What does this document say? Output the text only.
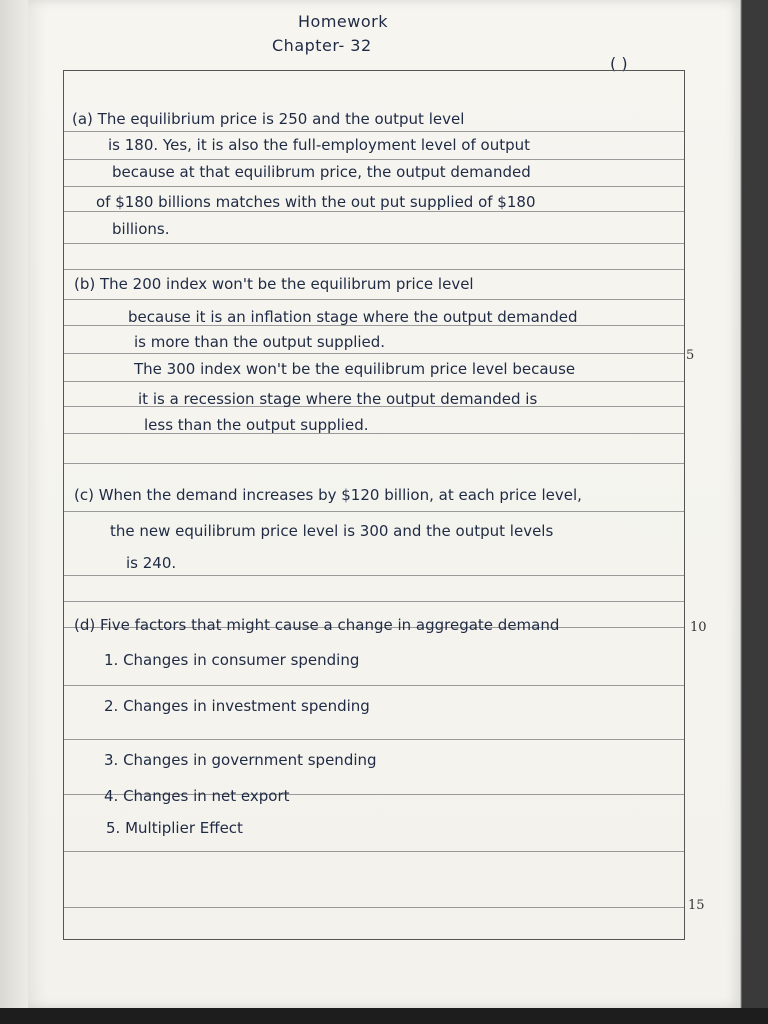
Homework
Chapter- 32
( )
5
10
15
(a) The equilibrium price is 250 and the output level
is 180. Yes, it is also the full-employment level of output
because at that equilibrum price, the output demanded
of $180 billions matches with the out put supplied of $180
billions.
(b) The 200 index won't be the equilibrum price level
because it is an inflation stage where the output demanded
is more than the output supplied.
The 300 index won't be the equilibrum price level because
it is a recession stage where the output demanded is
less than the output supplied.
(c) When the demand increases by $120 billion, at each price level,
the new equilibrum price level is 300 and the output levels
is 240.
(d) Five factors that might cause a change in aggregate demand
1. Changes in consumer spending
2. Changes in investment spending
3. Changes in government spending
4. Changes in net export
5. Multiplier Effect
